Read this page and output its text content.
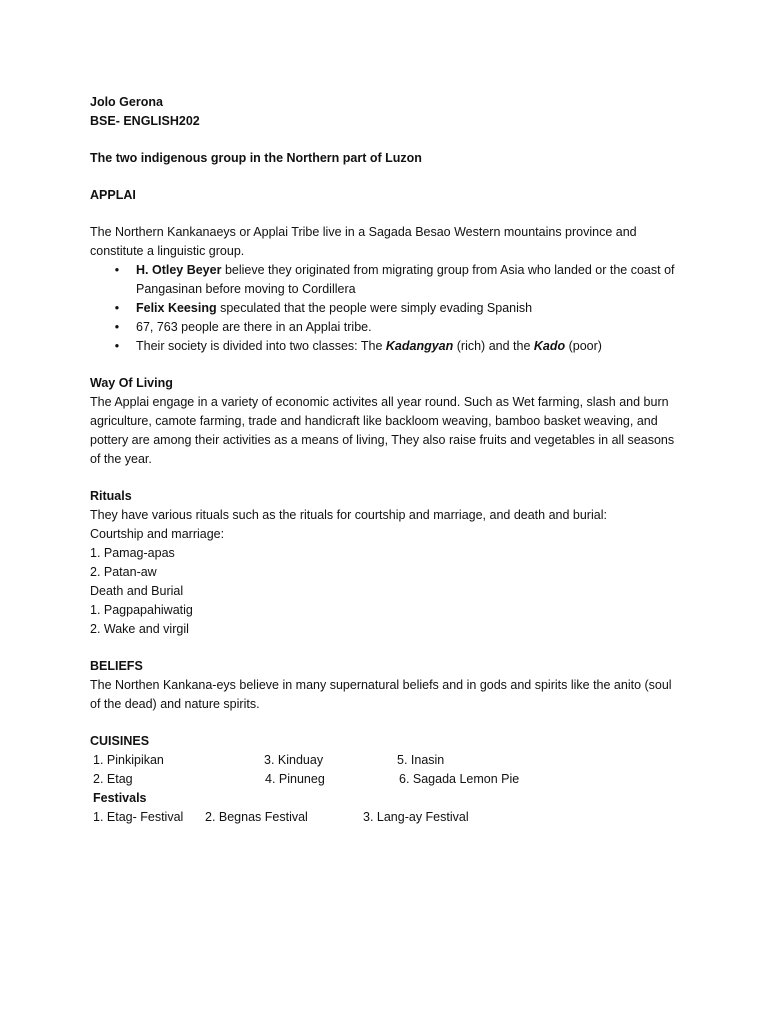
Jolo Gerona
BSE- ENGLISH202
The two indigenous group in the Northern part of Luzon
APPLAI
The Northern Kankanaeys or Applai Tribe live in a Sagada Besao Western mountains province and constitute a linguistic group.
• H. Otley Beyer believe they originated from migrating group from Asia who landed or the coast of Pangasinan before moving to Cordillera
• Felix Keesing speculated that the people were simply evading Spanish
• 67, 763 people are there in an Applai tribe.
• Their society is divided into two classes: The Kadangyan (rich) and the Kado (poor)
Way Of Living
The Applai engage in a variety of economic activites all year round. Such as Wet farming, slash and burn agriculture, camote farming, trade and handicraft like backloom weaving, bamboo basket weaving, and pottery are among their activities as a means of living, They also raise fruits and vegetables in all seasons of the year.
Rituals
They have various rituals such as the rituals for courtship and marriage, and death and burial:
Courtship and marriage:
1. Pamag-apas
2. Patan-aw
Death and Burial
1. Pagpapahiwatig
2. Wake and virgil
BELIEFS
The Northen Kankana-eys believe in many supernatural beliefs and in gods and spirits like the anito (soul of the dead) and nature spirits.
CUISINES
1. Pinkipikan	3. Kinduay	5. Inasin
2. Etag	4. Pinuneg	6. Sagada Lemon Pie
Festivals
1. Etag- Festival 2. Begnas Festival	3. Lang-ay Festival
